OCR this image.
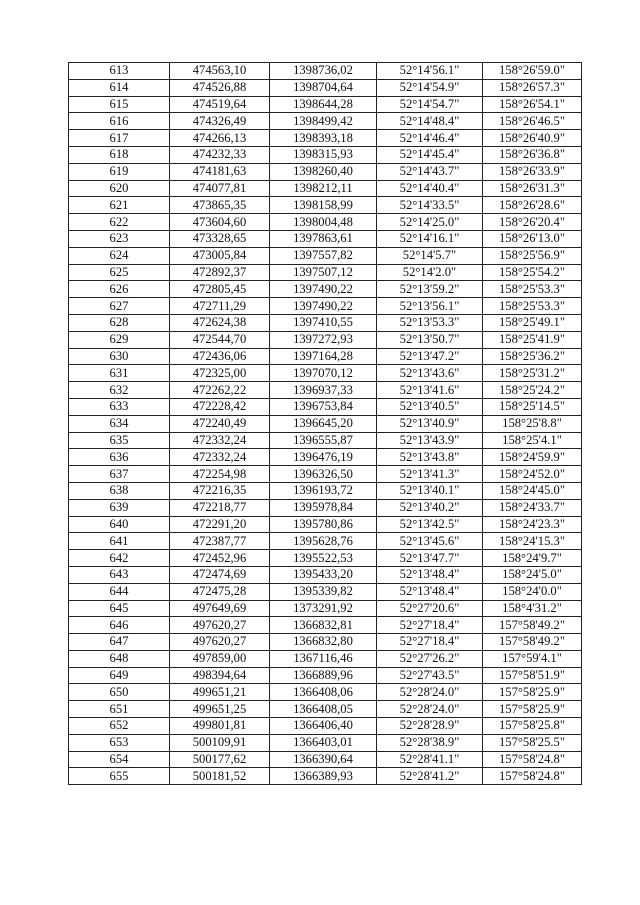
613	474563,10	1398736,02	52°14'56.1"	158°26'59.0"
614	474526,88	1398704,64	52°14'54.9"	158°26'57.3"
615	474519,64	1398644,28	52°14'54.7"	158°26'54.1"
616	474326,49	1398499,42	52°14'48.4"	158°26'46.5"
617	474266,13	1398393,18	52°14'46.4"	158°26'40.9"
618	474232,33	1398315,93	52°14'45.4"	158°26'36.8"
619	474181,63	1398260,40	52°14'43.7"	158°26'33.9"
620	474077,81	1398212,11	52°14'40.4"	158°26'31.3"
621	473865,35	1398158,99	52°14'33.5"	158°26'28.6"
622	473604,60	1398004,48	52°14'25.0"	158°26'20.4"
623	473328,65	1397863,61	52°14'16.1"	158°26'13.0"
624	473005,84	1397557,82	52°14'5.7"	158°25'56.9"
625	472892,37	1397507,12	52°14'2.0"	158°25'54.2"
626	472805,45	1397490,22	52°13'59.2"	158°25'53.3"
627	472711,29	1397490,22	52°13'56.1"	158°25'53.3"
628	472624,38	1397410,55	52°13'53.3"	158°25'49.1"
629	472544,70	1397272,93	52°13'50.7"	158°25'41.9"
630	472436,06	1397164,28	52°13'47.2"	158°25'36.2"
631	472325,00	1397070,12	52°13'43.6"	158°25'31.2"
632	472262,22	1396937,33	52°13'41.6"	158°25'24.2"
633	472228,42	1396753,84	52°13'40.5"	158°25'14.5"
634	472240,49	1396645,20	52°13'40.9"	158°25'8.8"
635	472332,24	1396555,87	52°13'43.9"	158°25'4.1"
636	472332,24	1396476,19	52°13'43.8"	158°24'59.9"
637	472254,98	1396326,50	52°13'41.3"	158°24'52.0"
638	472216,35	1396193,72	52°13'40.1"	158°24'45.0"
639	472218,77	1395978,84	52°13'40.2"	158°24'33.7"
640	472291,20	1395780,86	52°13'42.5"	158°24'23.3"
641	472387,77	1395628,76	52°13'45.6"	158°24'15.3"
642	472452,96	1395522,53	52°13'47.7"	158°24'9.7"
643	472474,69	1395433,20	52°13'48.4"	158°24'5.0"
644	472475,28	1395339,82	52°13'48.4"	158°24'0.0"
645	497649,69	1373291,92	52°27'20.6"	158°4'31.2"
646	497620,27	1366832,81	52°27'18.4"	157°58'49.2"
647	497620,27	1366832,80	52°27'18.4"	157°58'49.2"
648	497859,00	1367116,46	52°27'26.2"	157°59'4.1"
649	498394,64	1366889,96	52°27'43.5"	157°58'51.9"
650	499651,21	1366408,06	52°28'24.0"	157°58'25.9"
651	499651,25	1366408,05	52°28'24.0"	157°58'25.9"
652	499801,81	1366406,40	52°28'28.9"	157°58'25.8"
653	500109,91	1366403,01	52°28'38.9"	157°58'25.5"
654	500177,62	1366390,64	52°28'41.1"	157°58'24.8"
655	500181,52	1366389,93	52°28'41.2"	157°58'24.8"
